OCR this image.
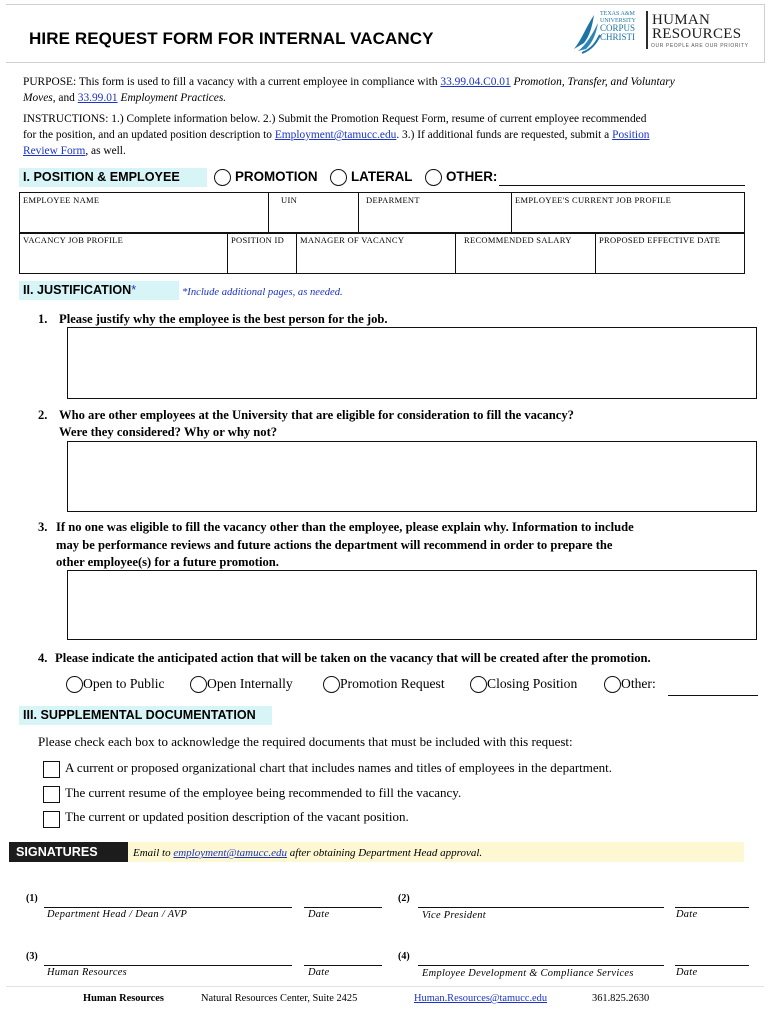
HIRE REQUEST FORM FOR INTERNAL VACANCY
TEXAS A&M
UNIVERSITY
CORPUS
CHRISTI
HUMAN
RESOURCES
OUR PEOPLE ARE OUR PRIORITY
PURPOSE: This form is used to fill a vacancy with a current employee in compliance with 33.99.04.C0.01 Promotion, Transfer, and Voluntary
Moves, and 33.99.01 Employment Practices.
INSTRUCTIONS: 1.) Complete information below. 2.) Submit the Promotion Request Form, resume of current employee recommended
for the position, and an updated position description to Employment@tamucc.edu. 3.) If additional funds are requested, submit a Position
Review Form, as well.
I. POSITION & EMPLOYEE	PROMOTION	LATERAL	OTHER:
EMPLOYEE NAME	UIN	DEPARMENT	EMPLOYEE'S CURRENT JOB PROFILE
VACANCY JOB PROFILE	POSITION ID	MANAGER OF VACANCY	RECOMMENDED SALARY	PROPOSED EFFECTIVE DATE
II. JUSTIFICATION*	*Include additional pages, as needed.
1. Please justify why the employee is the best person for the job.
2. Who are other employees at the University that are eligible for consideration to fill the vacancy?
Were they considered? Why or why not?
3. If no one was eligible to fill the vacancy other than the employee, please explain why. Information to include
may be performance reviews and future actions the department will recommend in order to prepare the
other employee(s) for a future promotion.
4. Please indicate the anticipated action that will be taken on the vacancy that will be created after the promotion.
Open to Public	Open Internally	Promotion Request	Closing Position	Other:
III. SUPPLEMENTAL DOCUMENTATION
Please check each box to acknowledge the required documents that must be included with this request:
A current or proposed organizational chart that includes names and titles of employees in the department.
The current resume of the employee being recommended to fill the vacancy.
The current or updated position description of the vacant position.
SIGNATURES	Email to employment@tamucc.edu after obtaining Department Head approval.
(1)
Department Head / Dean / AVP	Date
(2)
Vice President	Date
(3)
Human Resources	Date
(4)
Employee Development & Compliance Services	Date
Human Resources	Natural Resources Center, Suite 2425	Human.Resources@tamucc.edu	361.825.2630
